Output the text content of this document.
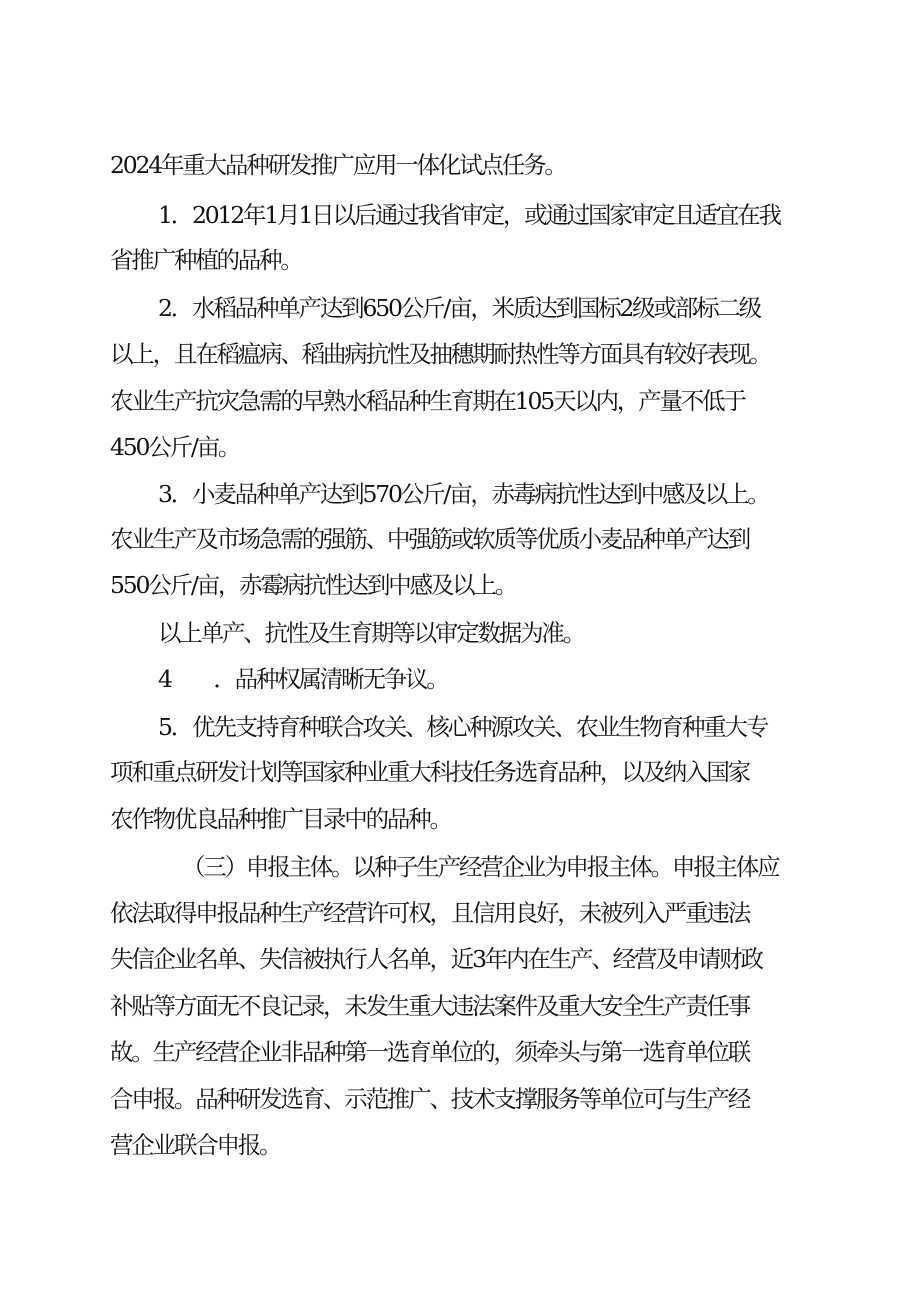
2024年重大品种研发推广应用一体化试点任务。
1．2012年1月1日以后通过我省审定，或通过国家审定且适宜在我
省推广种植的品种。
2．水稻品种单产达到650公斤/亩，米质达到国标2级或部标二级
以上，且在稻瘟病、稻曲病抗性及抽穗期耐热性等方面具有较好表现。
农业生产抗灾急需的早熟水稻品种生育期在105天以内，产量不低于
450公斤/亩。
3．小麦品种单产达到570公斤/亩，赤毒病抗性达到中感及以上。
农业生产及市场急需的强筋、中强筋或软质等优质小麦品种单产达到
550公斤/亩，赤霉病抗性达到中感及以上。
以上单产、抗性及生育期等以审定数据为准。
4　　．品种权属清晰无争议。
5．优先支持育种联合攻关、核心种源攻关、农业生物育种重大专
项和重点研发计划等国家种业重大科技任务选育品种，以及纳入国家
农作物优良品种推广目录中的品种。
（三）申报主体。以种子生产经营企业为申报主体。申报主体应
依法取得申报品种生产经营许可权，且信用良好，未被列入严重违法
失信企业名单、失信被执行人名单，近3年内在生产、经营及申请财政
补贴等方面无不良记录，未发生重大违法案件及重大安全生产责任事
故。生产经营企业非品种第一选育单位的，须牵头与第一选育单位联
合申报。品种研发选育、示范推广、技术支撑服务等单位可与生产经
营企业联合申报。
